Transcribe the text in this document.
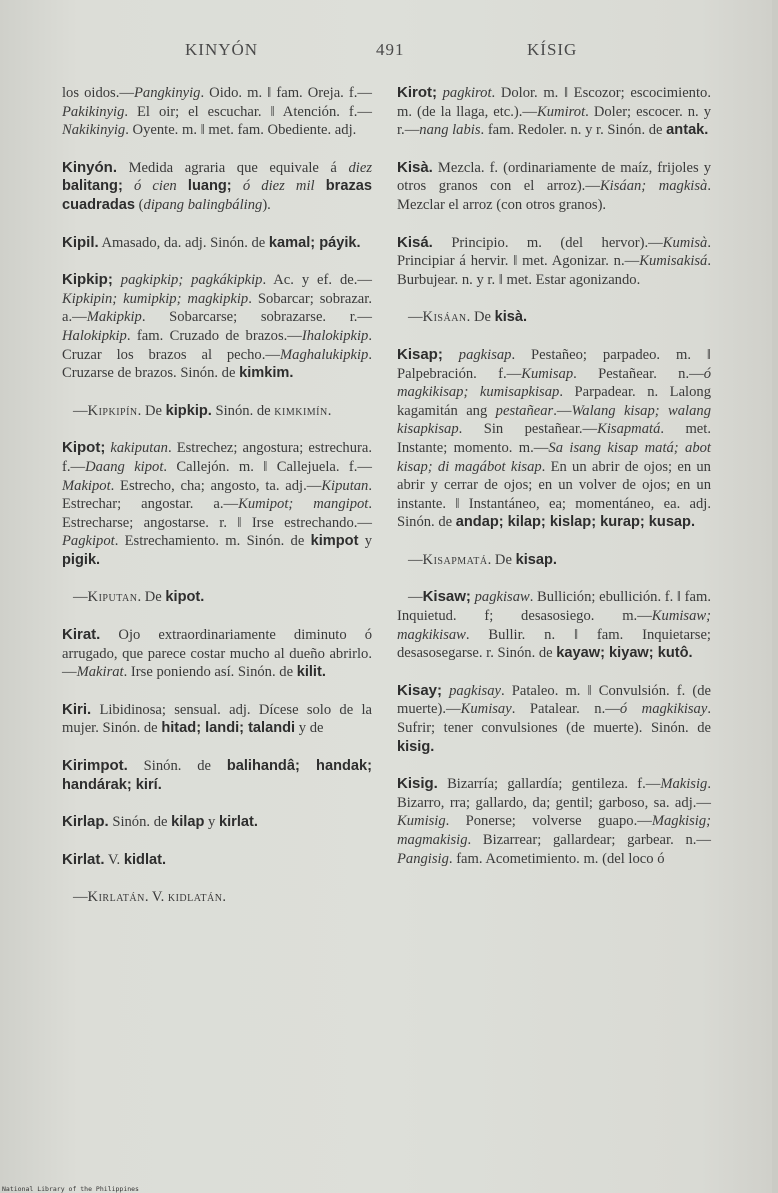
KINYÓN	491	KÍSIG

los oidos.—Pangkinyig. Oido. m. ‖ fam. Oreja. f.—Pakikinyig. El oir; el escuchar. ‖ Atención. f.—Nakikinyig. Oyente. m. ‖ met. fam. Obediente. adj.

Kinyón. Medida agraria que equivale á diez balitang; ó cien luang; ó diez mil brazas cuadradas (dipang balingbáling).

Kipil. Amasado, da. adj. Sinón. de kamal; páyik.

Kipkip; pagkipkip; pagkákipkip. Ac. y ef. de.—Kipkipin; kumipkip; magkipkip. Sobarcar; sobrazar. a.—Makipkip. Sobarcarse; sobrazarse. r.—Halokipkip. fam. Cruzado de brazos.—Ihalokipkip. Cruzar los brazos al pecho.—Maghalukipkip. Cruzarse de brazos. Sinón. de kimkim.

—Kipkipín. De kipkip. Sinón. de kimkimín.

Kipot; kakiputan. Estrechez; angostura; estrechura. f.—Daang kipot. Callejón. m. ‖ Callejuela. f.—Makipot. Estrecho, cha; angosto, ta. adj.—Kiputan. Estrechar; angostar. a.—Kumipot; mangipot. Estrecharse; angostarse. r. ‖ Irse estrechando.—Pagkipot. Estrechamiento. m. Sinón. de kimpot y pigik.

—Kiputan. De kipot.

Kirat. Ojo extraordinariamente diminuto ó arrugado, que parece costar mucho al dueño abrirlo.—Makirat. Irse poniendo así. Sinón. de kilit.

Kiri. Libidinosa; sensual. adj. Dícese solo de la mujer. Sinón. de hitad; landi; talandi y de

Kirimpot. Sinón. de balihandâ; handak; handárak; kirí.

Kirlap. Sinón. de kilap y kirlat.

Kirlat. V. kidlat.

—Kirlatán. V. kidlatán.

Kirot; pagkirot. Dolor. m. ‖ Escozor; escocimiento. m. (de la llaga, etc.).—Kumirot. Doler; escocer. n. y r.—nang labis. fam. Redoler. n. y r. Sinón. de antak.

Kisà. Mezcla. f. (ordinariamente de maíz, frijoles y otros granos con el arroz).—Kisáan; magkisà. Mezclar el arroz (con otros granos).

Kisá. Principio. m. (del hervor).—Kumisà. Principiar á hervir. ‖ met. Agonizar. n.—Kumisakisá. Burbujear. n. y r. ‖ met. Estar agonizando.

—Kisáan. De kisà.

Kisap; pagkisap. Pestañeo; parpadeo. m. ‖ Palpebración. f.—Kumisap. Pestañear. n.—ó magkikisap; kumisapkisap. Parpadear. n. Lalong kagamitán ang pestañear.—Walang kisap; walang kisapkisap. Sin pestañear.—Kisapmatá. met. Instante; momento. m.—Sa isang kisap matá; abot kisap; di magábot kisap. En un abrir de ojos; en un abrir y cerrar de ojos; en un volver de ojos; en un instante. ‖ Instantáneo, ea; momentáneo, ea. adj. Sinón. de andap; kilap; kislap; kurap; kusap.

—Kisapmatá. De kisap.

—Kisaw; pagkisaw. Bullición; ebullición. f. ‖ fam. Inquietud. f; desasosiego. m.—Kumisaw; magkikisaw. Bullir. n. ‖ fam. Inquietarse; desasosegarse. r. Sinón. de kayaw; kiyaw; kutô.

Kisay; pagkisay. Pataleo. m. ‖ Convulsión. f. (de muerte).—Kumisay. Patalear. n.—ó magkikisay. Sufrir; tener convulsiones (de muerte). Sinón. de kisig.

Kisig. Bizarría; gallardía; gentileza. f.—Makisig. Bizarro, rra; gallardo, da; gentil; garboso, sa. adj.—Kumisig. Ponerse; volverse guapo.—Magkisig; magmakisig. Bizarrear; gallardear; garbear. n.—Pangisig. fam. Acometimiento. m. (del loco ó

National Library of the Philippines
